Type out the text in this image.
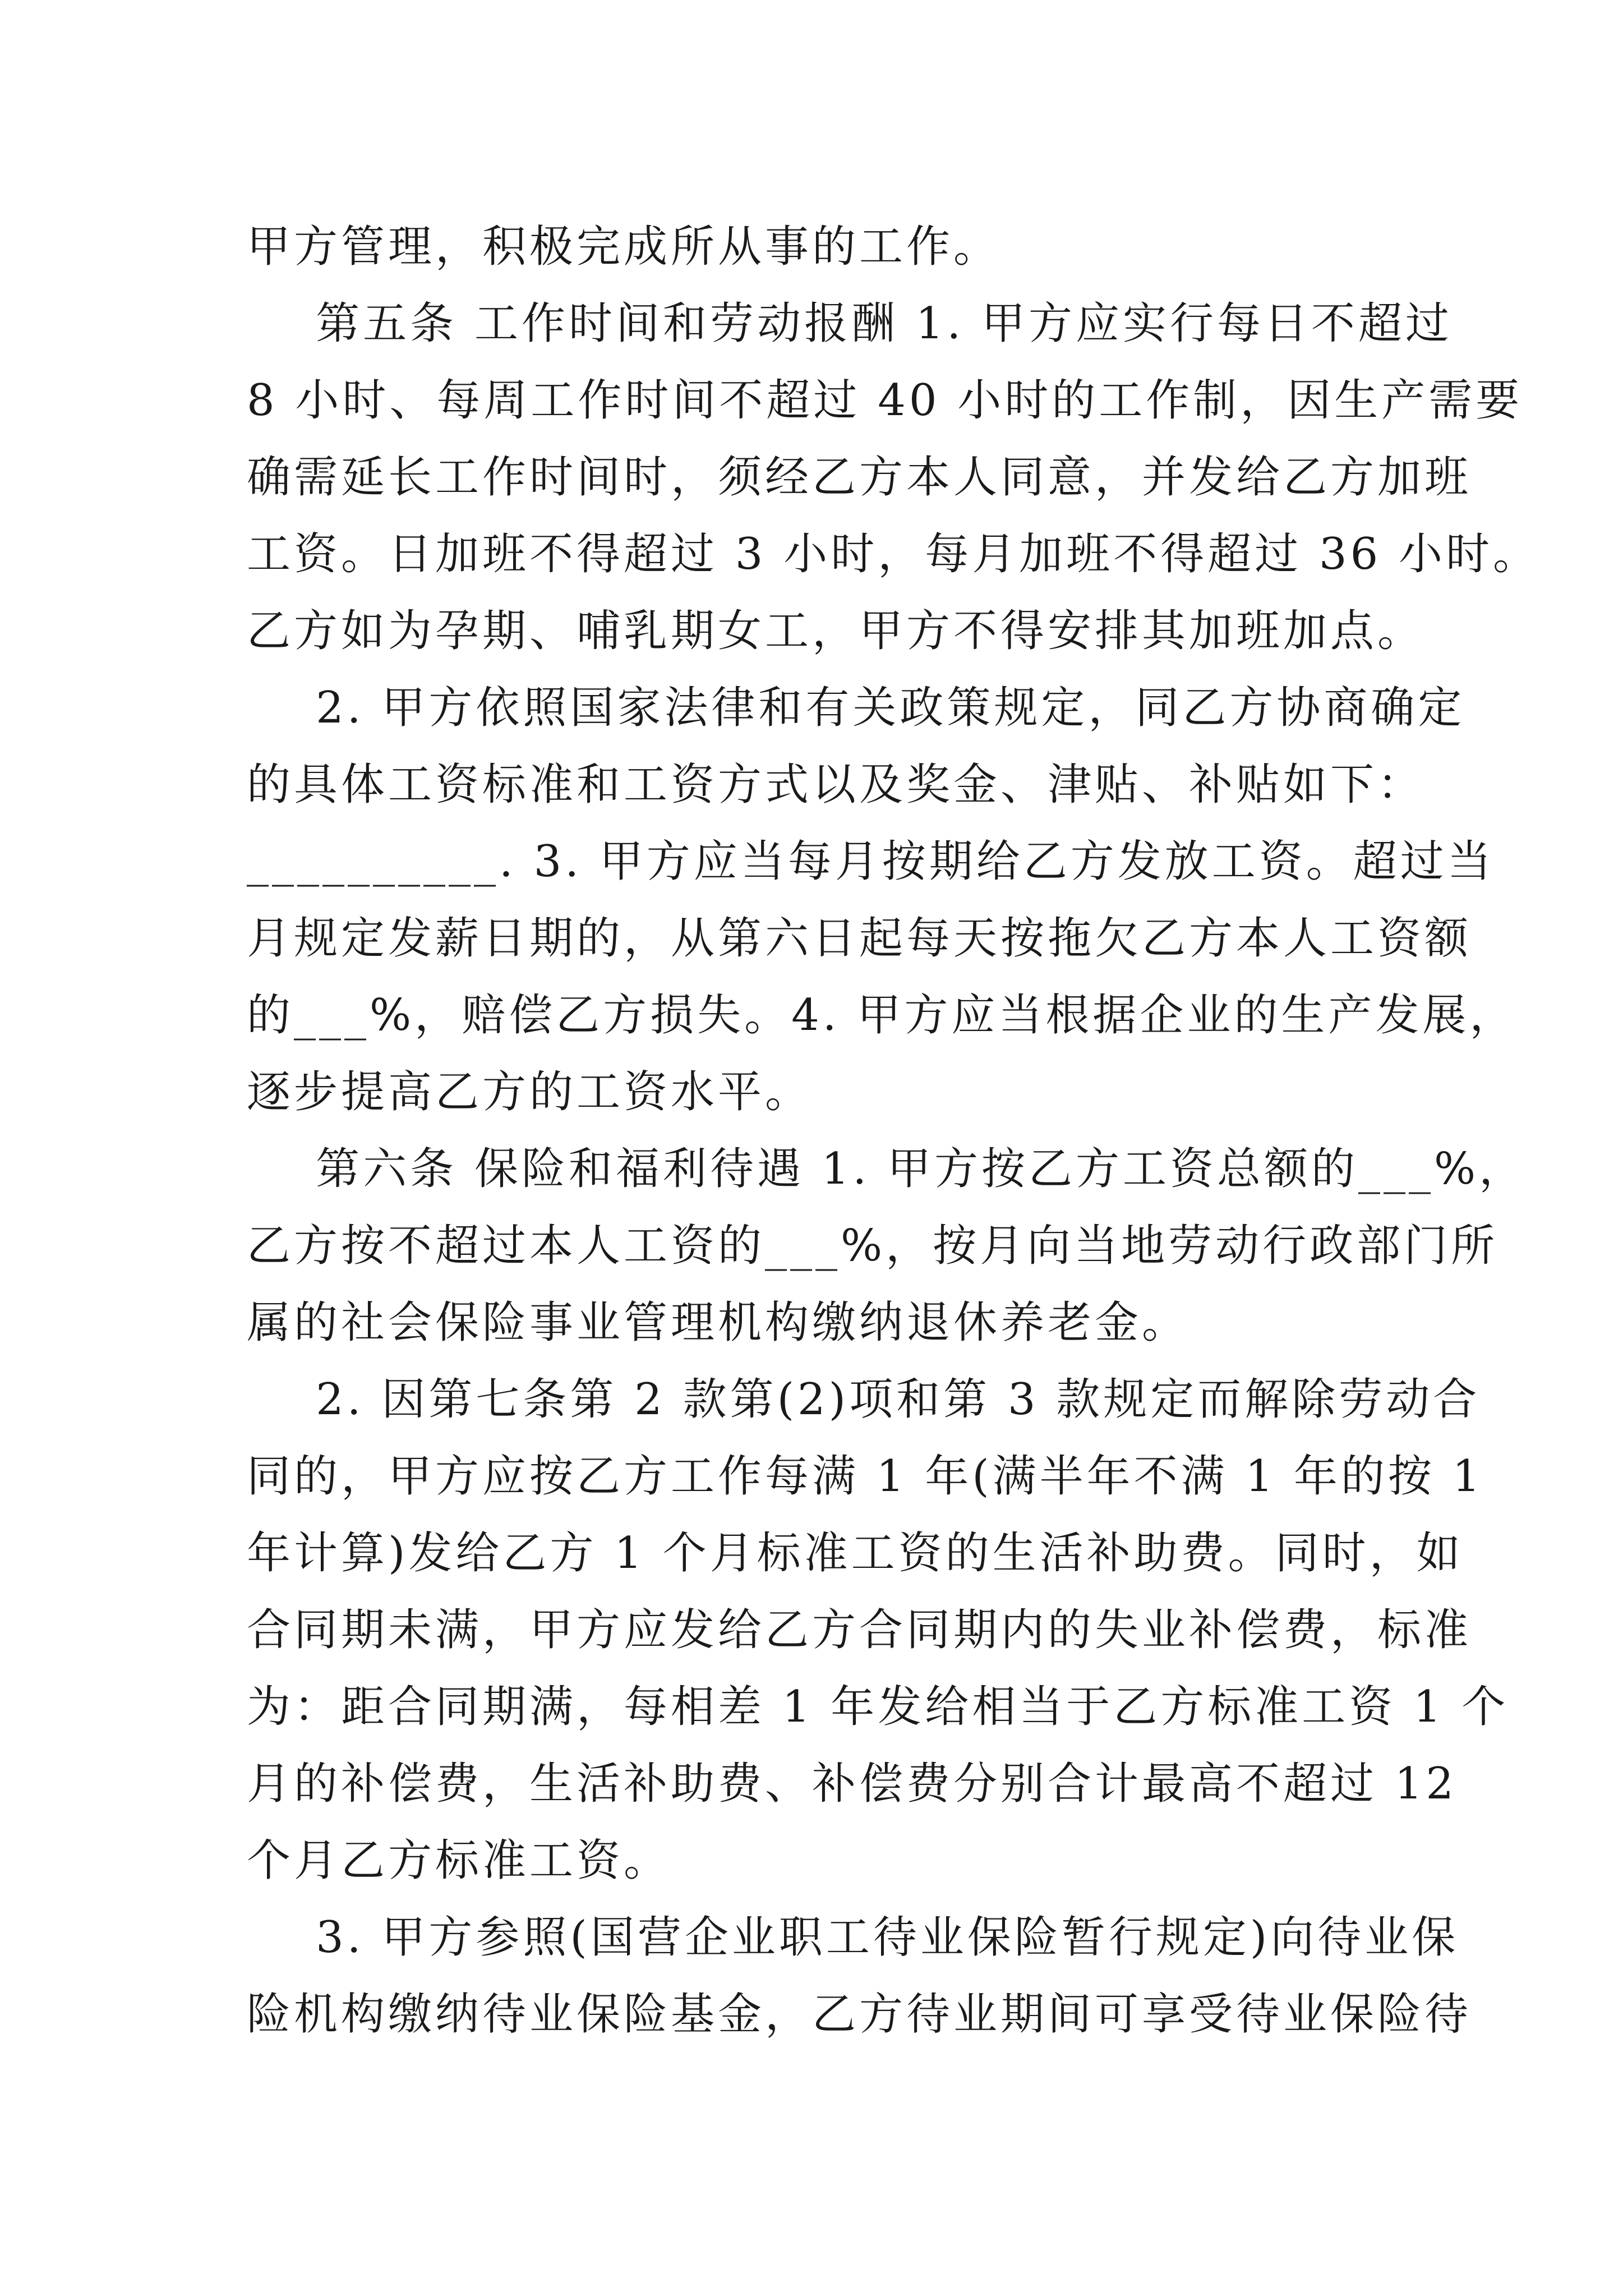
甲方管理，积极完成所从事的工作。
第五条 工作时间和劳动报酬 1. 甲方应实行每日不超过
8 小时、每周工作时间不超过 40 小时的工作制，因生产需要
确需延长工作时间时，须经乙方本人同意，并发给乙方加班
工资。日加班不得超过 3 小时，每月加班不得超过 36 小时。
乙方如为孕期、哺乳期女工，甲方不得安排其加班加点。
2. 甲方依照国家法律和有关政策规定，同乙方协商确定
的具体工资标准和工资方式以及奖金、津贴、补贴如下：
__________. 3. 甲方应当每月按期给乙方发放工资。超过当
月规定发薪日期的，从第六日起每天按拖欠乙方本人工资额
的___%，赔偿乙方损失。4. 甲方应当根据企业的生产发展，
逐步提高乙方的工资水平。
第六条 保险和福利待遇 1. 甲方按乙方工资总额的___%，
乙方按不超过本人工资的___%，按月向当地劳动行政部门所
属的社会保险事业管理机构缴纳退休养老金。
2. 因第七条第 2 款第(2)项和第 3 款规定而解除劳动合
同的，甲方应按乙方工作每满 1 年(满半年不满 1 年的按 1
年计算)发给乙方 1 个月标准工资的生活补助费。同时，如
合同期未满，甲方应发给乙方合同期内的失业补偿费，标准
为：距合同期满，每相差 1 年发给相当于乙方标准工资 1 个
月的补偿费，生活补助费、补偿费分别合计最高不超过 12
个月乙方标准工资。
3. 甲方参照(国营企业职工待业保险暂行规定)向待业保
险机构缴纳待业保险基金，乙方待业期间可享受待业保险待
